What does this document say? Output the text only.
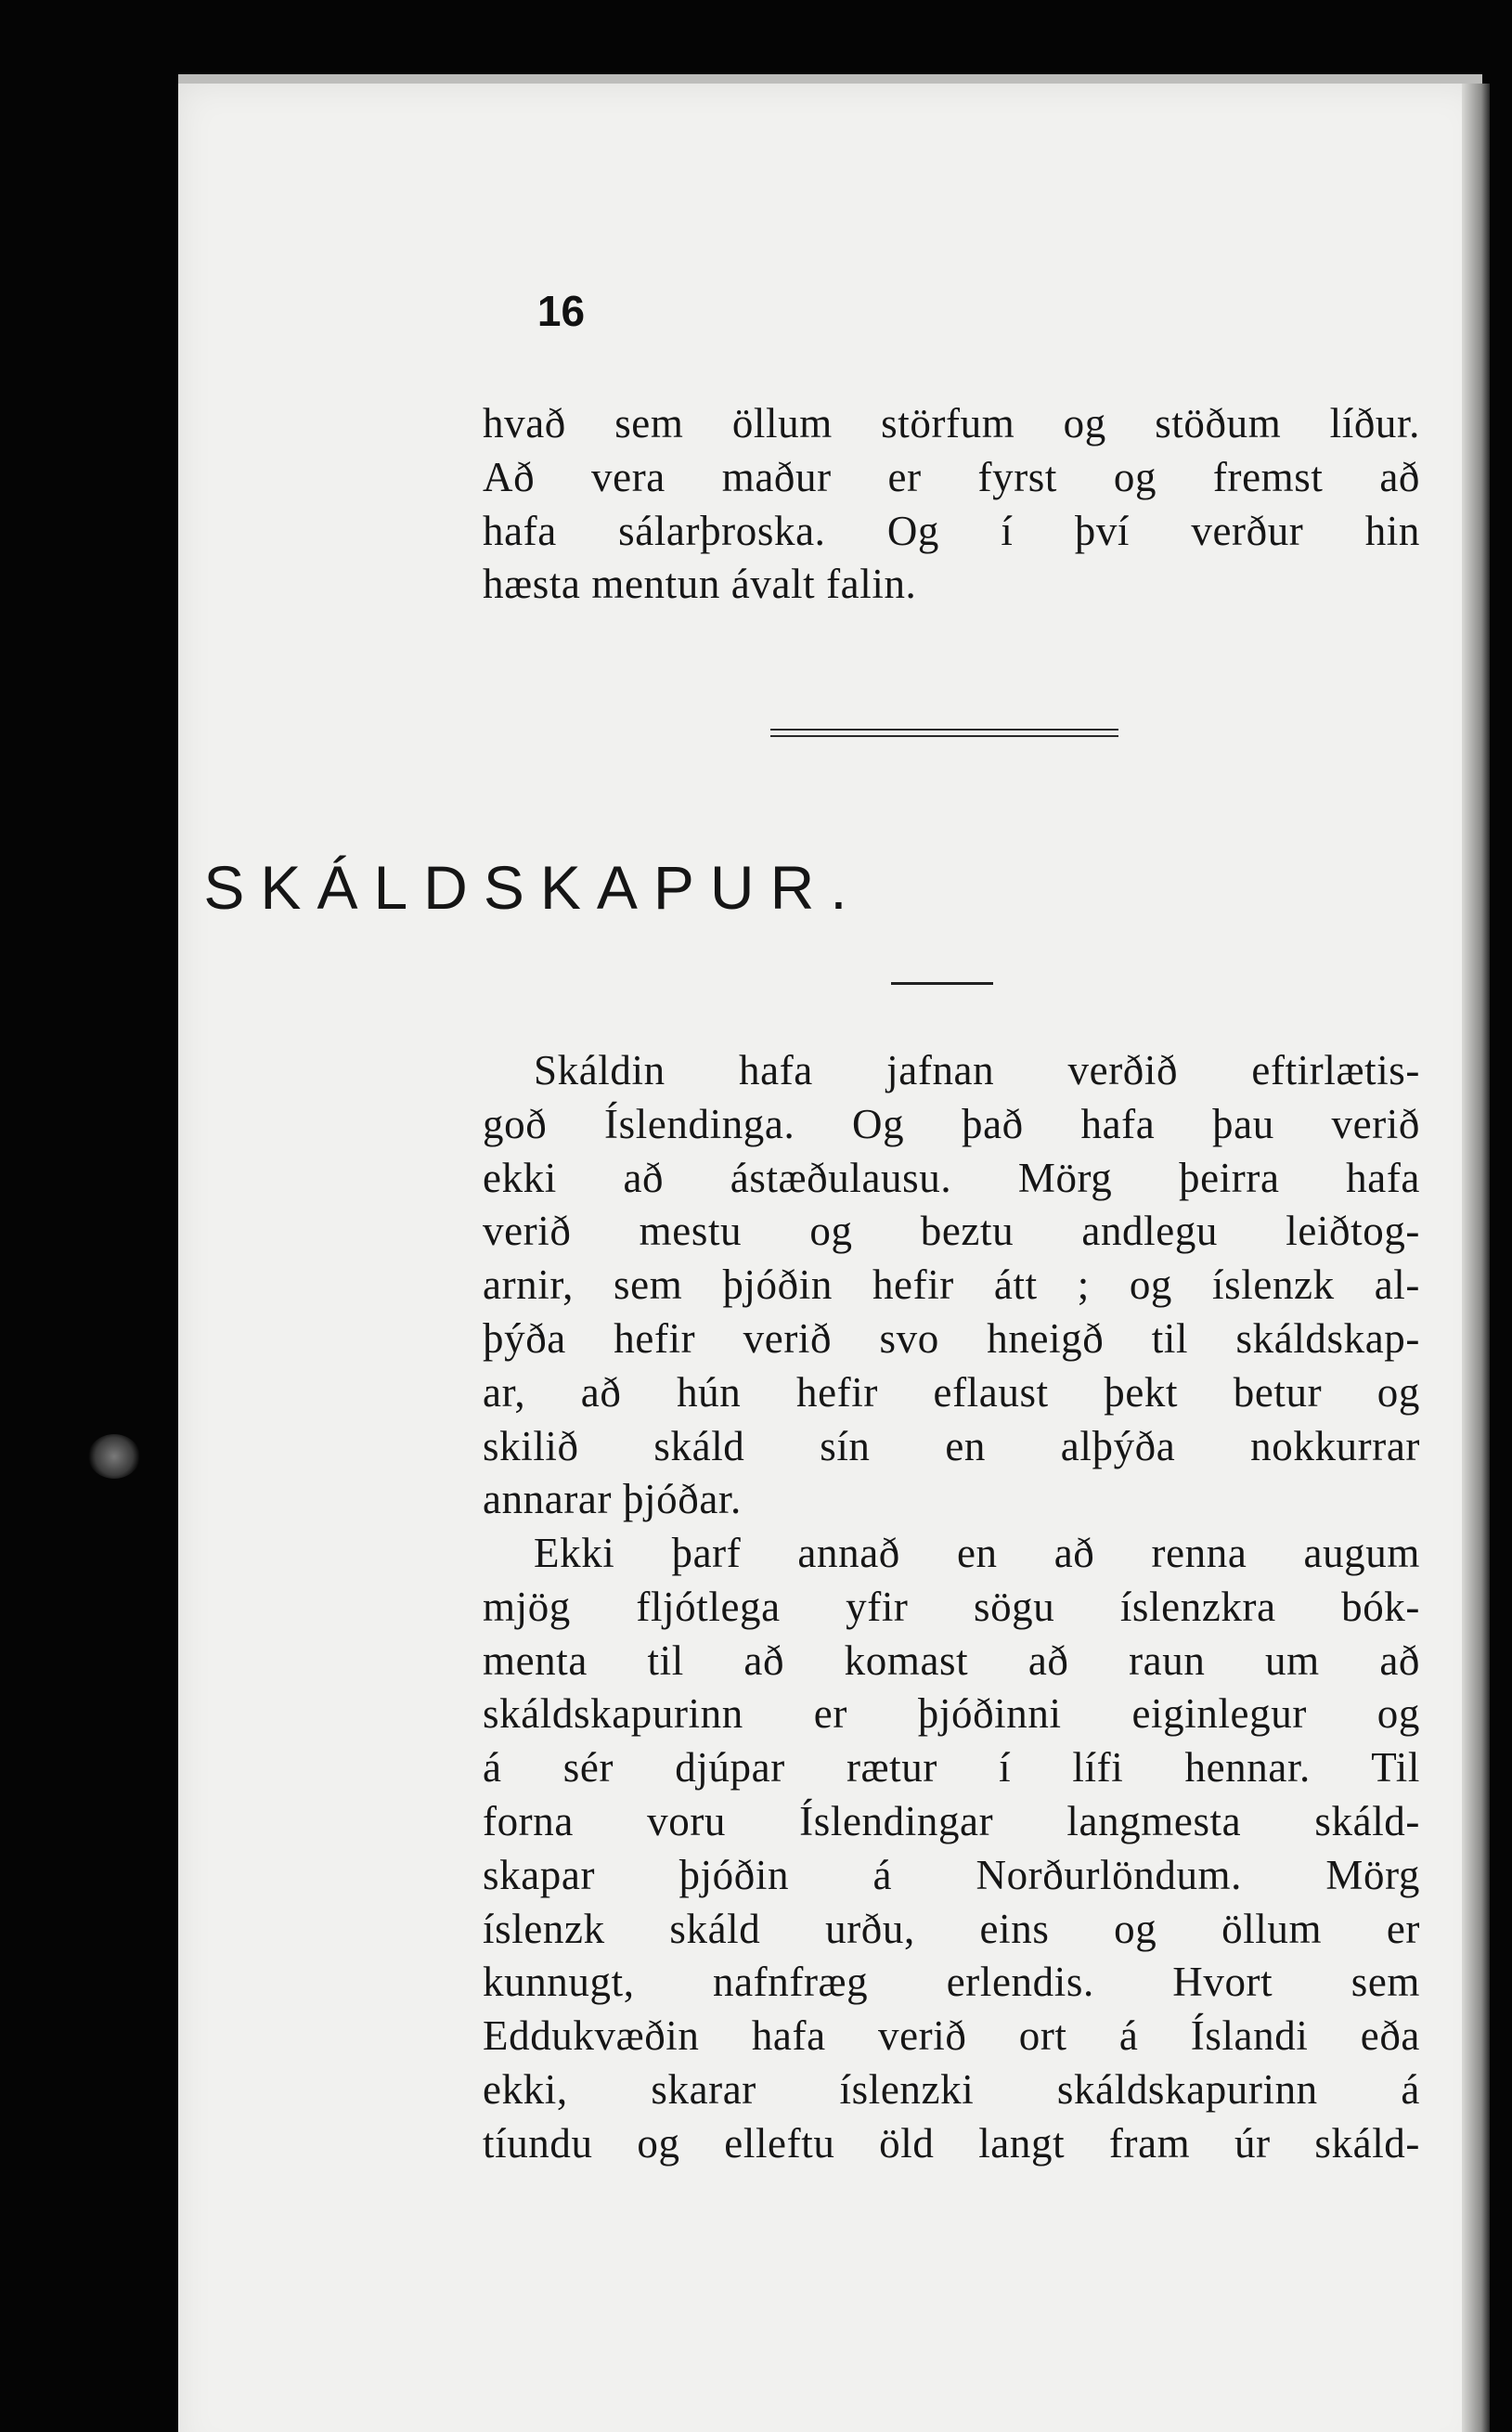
16
hvað sem öllum störfum og stöðum líður.
Að vera maður er fyrst og fremst að
hafa sálarþroska. Og í því verður hin
hæsta mentun ávalt falin.
SKÁLDSKAPUR.
Skáldin hafa jafnan verðið eftirlætis-
goð Íslendinga. Og það hafa þau verið
ekki að ástæðulausu. Mörg þeirra hafa
verið mestu og beztu andlegu leiðtog-
arnir, sem þjóðin hefir átt ; og íslenzk al-
þýða hefir verið svo hneigð til skáldskap-
ar, að hún hefir eflaust þekt betur og
skilið skáld sín en alþýða nokkurrar
annarar þjóðar.
Ekki þarf annað en að renna augum
mjög fljótlega yfir sögu íslenzkra bók-
menta til að komast að raun um að
skáldskapurinn er þjóðinni eiginlegur og
á sér djúpar rætur í lífi hennar. Til
forna voru Íslendingar langmesta skáld-
skapar þjóðin á Norðurlöndum. Mörg
íslenzk skáld urðu, eins og öllum er
kunnugt, nafnfræg erlendis. Hvort sem
Eddukvæðin hafa verið ort á Íslandi eða
ekki, skarar íslenzki skáldskapurinn á
tíundu og elleftu öld langt fram úr skáld-
